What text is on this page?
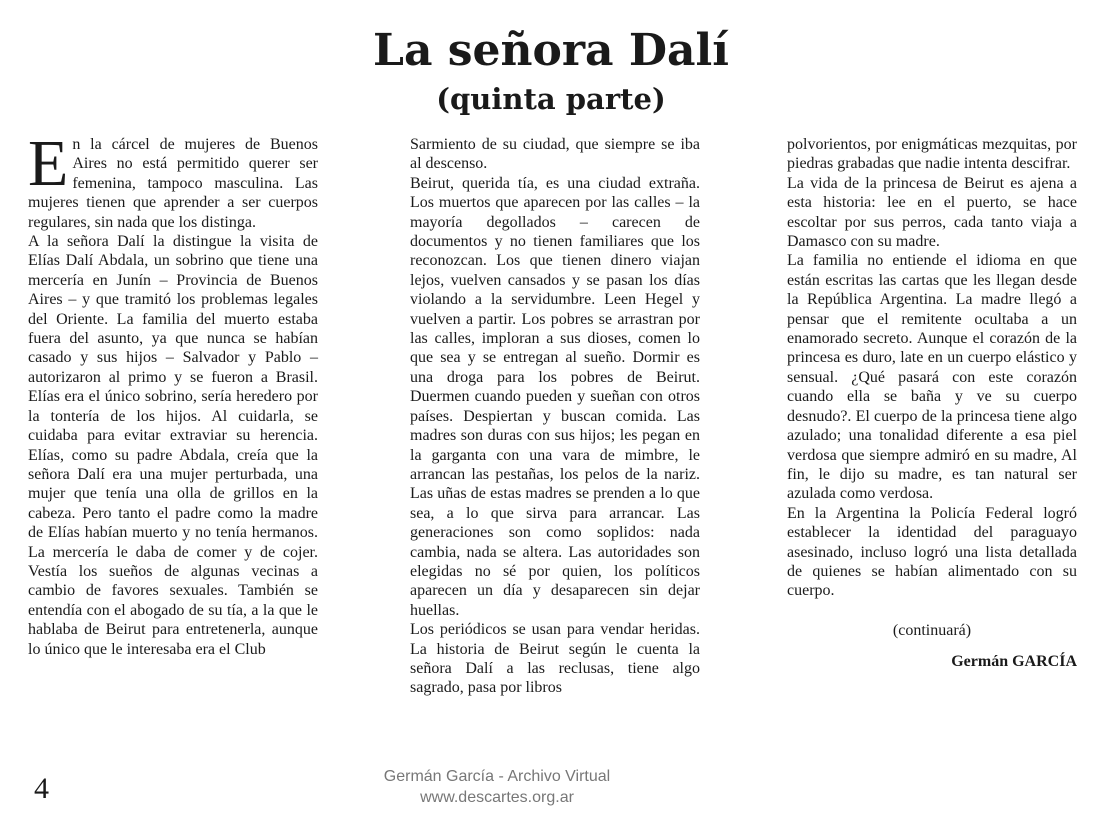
La señora Dalí
(quinta parte)

En la cárcel de mujeres de Buenos Aires no está permitido querer ser femenina, tampoco masculina. Las mujeres tienen que aprender a ser cuerpos regulares, sin nada que los distinga.

A la señora Dalí la distingue la visita de Elías Dalí Abdala, un sobrino que tiene una mercería en Junín – Provincia de Buenos Aires – y que tramitó los problemas legales del Oriente. La familia del muerto estaba fuera del asunto, ya que nunca se habían casado y sus hijos – Salvador y Pablo – autorizaron al primo y se fueron a Brasil. Elías era el único sobrino, sería heredero por la tontería de los hijos. Al cuidarla, se cuidaba para evitar extraviar su herencia. Elías, como su padre Abdala, creía que la señora Dalí era una mujer perturbada, una mujer que tenía una olla de grillos en la cabeza. Pero tanto el padre como la madre de Elías habían muerto y no tenía hermanos. La mercería le daba de comer y de cojer. Vestía los sueños de algunas vecinas a cambio de favores sexuales. También se entendía con el abogado de su tía, a la que le hablaba de Beirut para entretenerla, aunque lo único que le interesaba era el Club

Sarmiento de su ciudad, que siempre se iba al descenso.

Beirut, querida tía, es una ciudad extraña. Los muertos que aparecen por las calles – la mayoría degollados – carecen de documentos y no tienen familiares que los reconozcan. Los que tienen dinero viajan lejos, vuelven cansados y se pasan los días violando a la servidumbre. Leen Hegel y vuelven a partir. Los pobres se arrastran por las calles, imploran a sus dioses, comen lo que sea y se entregan al sueño. Dormir es una droga para los pobres de Beirut. Duermen cuando pueden y sueñan con otros países. Despiertan y buscan comida. Las madres son duras con sus hijos; les pegan en la garganta con una vara de mimbre, le arrancan las pestañas, los pelos de la nariz. Las uñas de estas madres se prenden a lo que sea, a lo que sirva para arrancar. Las generaciones son como soplidos: nada cambia, nada se altera. Las autoridades son elegidas no sé por quien, los políticos aparecen un día y desaparecen sin dejar huellas.

Los periódicos se usan para vendar heridas. La historia de Beirut según le cuenta la señora Dalí a las reclusas, tiene algo sagrado, pasa por libros

polvorientos, por enigmáticas mezquitas, por piedras grabadas que nadie intenta descifrar.

La vida de la princesa de Beirut es ajena a esta historia: lee en el puerto, se hace escoltar por sus perros, cada tanto viaja a Damasco con su madre.

La familia no entiende el idioma en que están escritas las cartas que les llegan desde la República Argentina. La madre llegó a pensar que el remitente ocultaba a un enamorado secreto. Aunque el corazón de la princesa es duro, late en un cuerpo elástico y sensual. ¿Qué pasará con este corazón cuando ella se baña y ve su cuerpo desnudo?. El cuerpo de la princesa tiene algo azulado; una tonalidad diferente a esa piel verdosa que siempre admiró en su madre, Al fin, le dijo su madre, es tan natural ser azulada como verdosa.

En la Argentina la Policía Federal logró establecer la identidad del paraguayo asesinado, incluso logró una lista detallada de quienes se habían alimentado con su cuerpo.

(continuará)

Germán GARCÍA

4	Germán García - Archivo Virtual
www.descartes.org.ar
